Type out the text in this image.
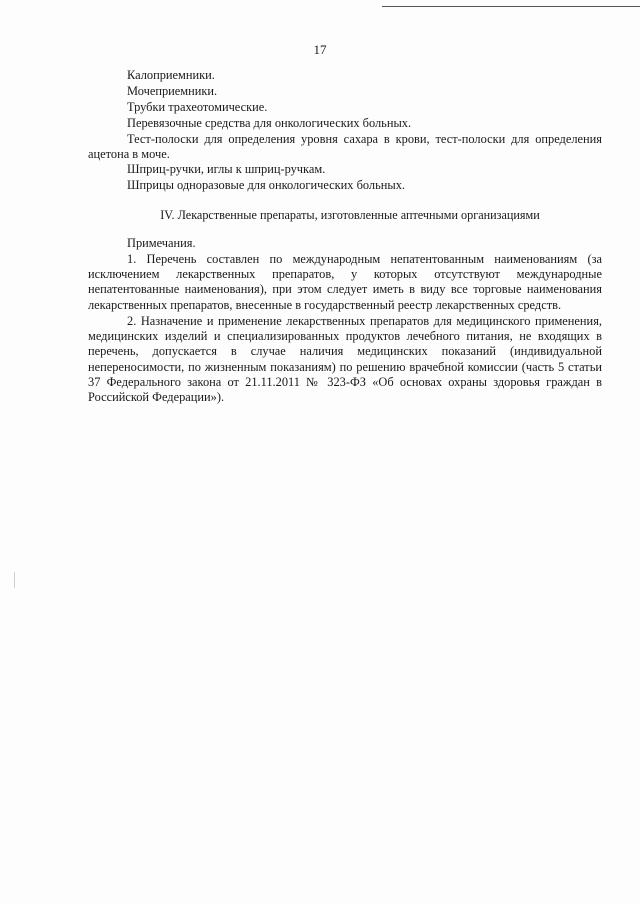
17
Калоприемники.
Мочеприемники.
Трубки трахеотомические.
Перевязочные средства для онкологических больных.
Тест-полоски для определения уровня сахара в крови, тест-полоски для определения ацетона в моче.
Шприц-ручки, иглы к шприц-ручкам.
Шприцы одноразовые для онкологических больных.
IV. Лекарственные препараты, изготовленные аптечными организациями
Примечания.
1. Перечень составлен по международным непатентованным наименованиям (за исключением лекарственных препаратов, у которых отсутствуют международные непатентованные наименования), при этом следует иметь в виду все торговые наименования лекарственных препаратов, внесенные в государственный реестр лекарственных средств.
2. Назначение и применение лекарственных препаратов для медицинского применения, медицинских изделий и специализированных продуктов лечебного питания, не входящих в перечень, допускается в случае наличия медицинских показаний (индивидуальной непереносимости, по жизненным показаниям) по решению врачебной комиссии (часть 5 статьи 37 Федерального закона от 21.11.2011 № 323-ФЗ «Об основах охраны здоровья граждан в Российской Федерации»).
